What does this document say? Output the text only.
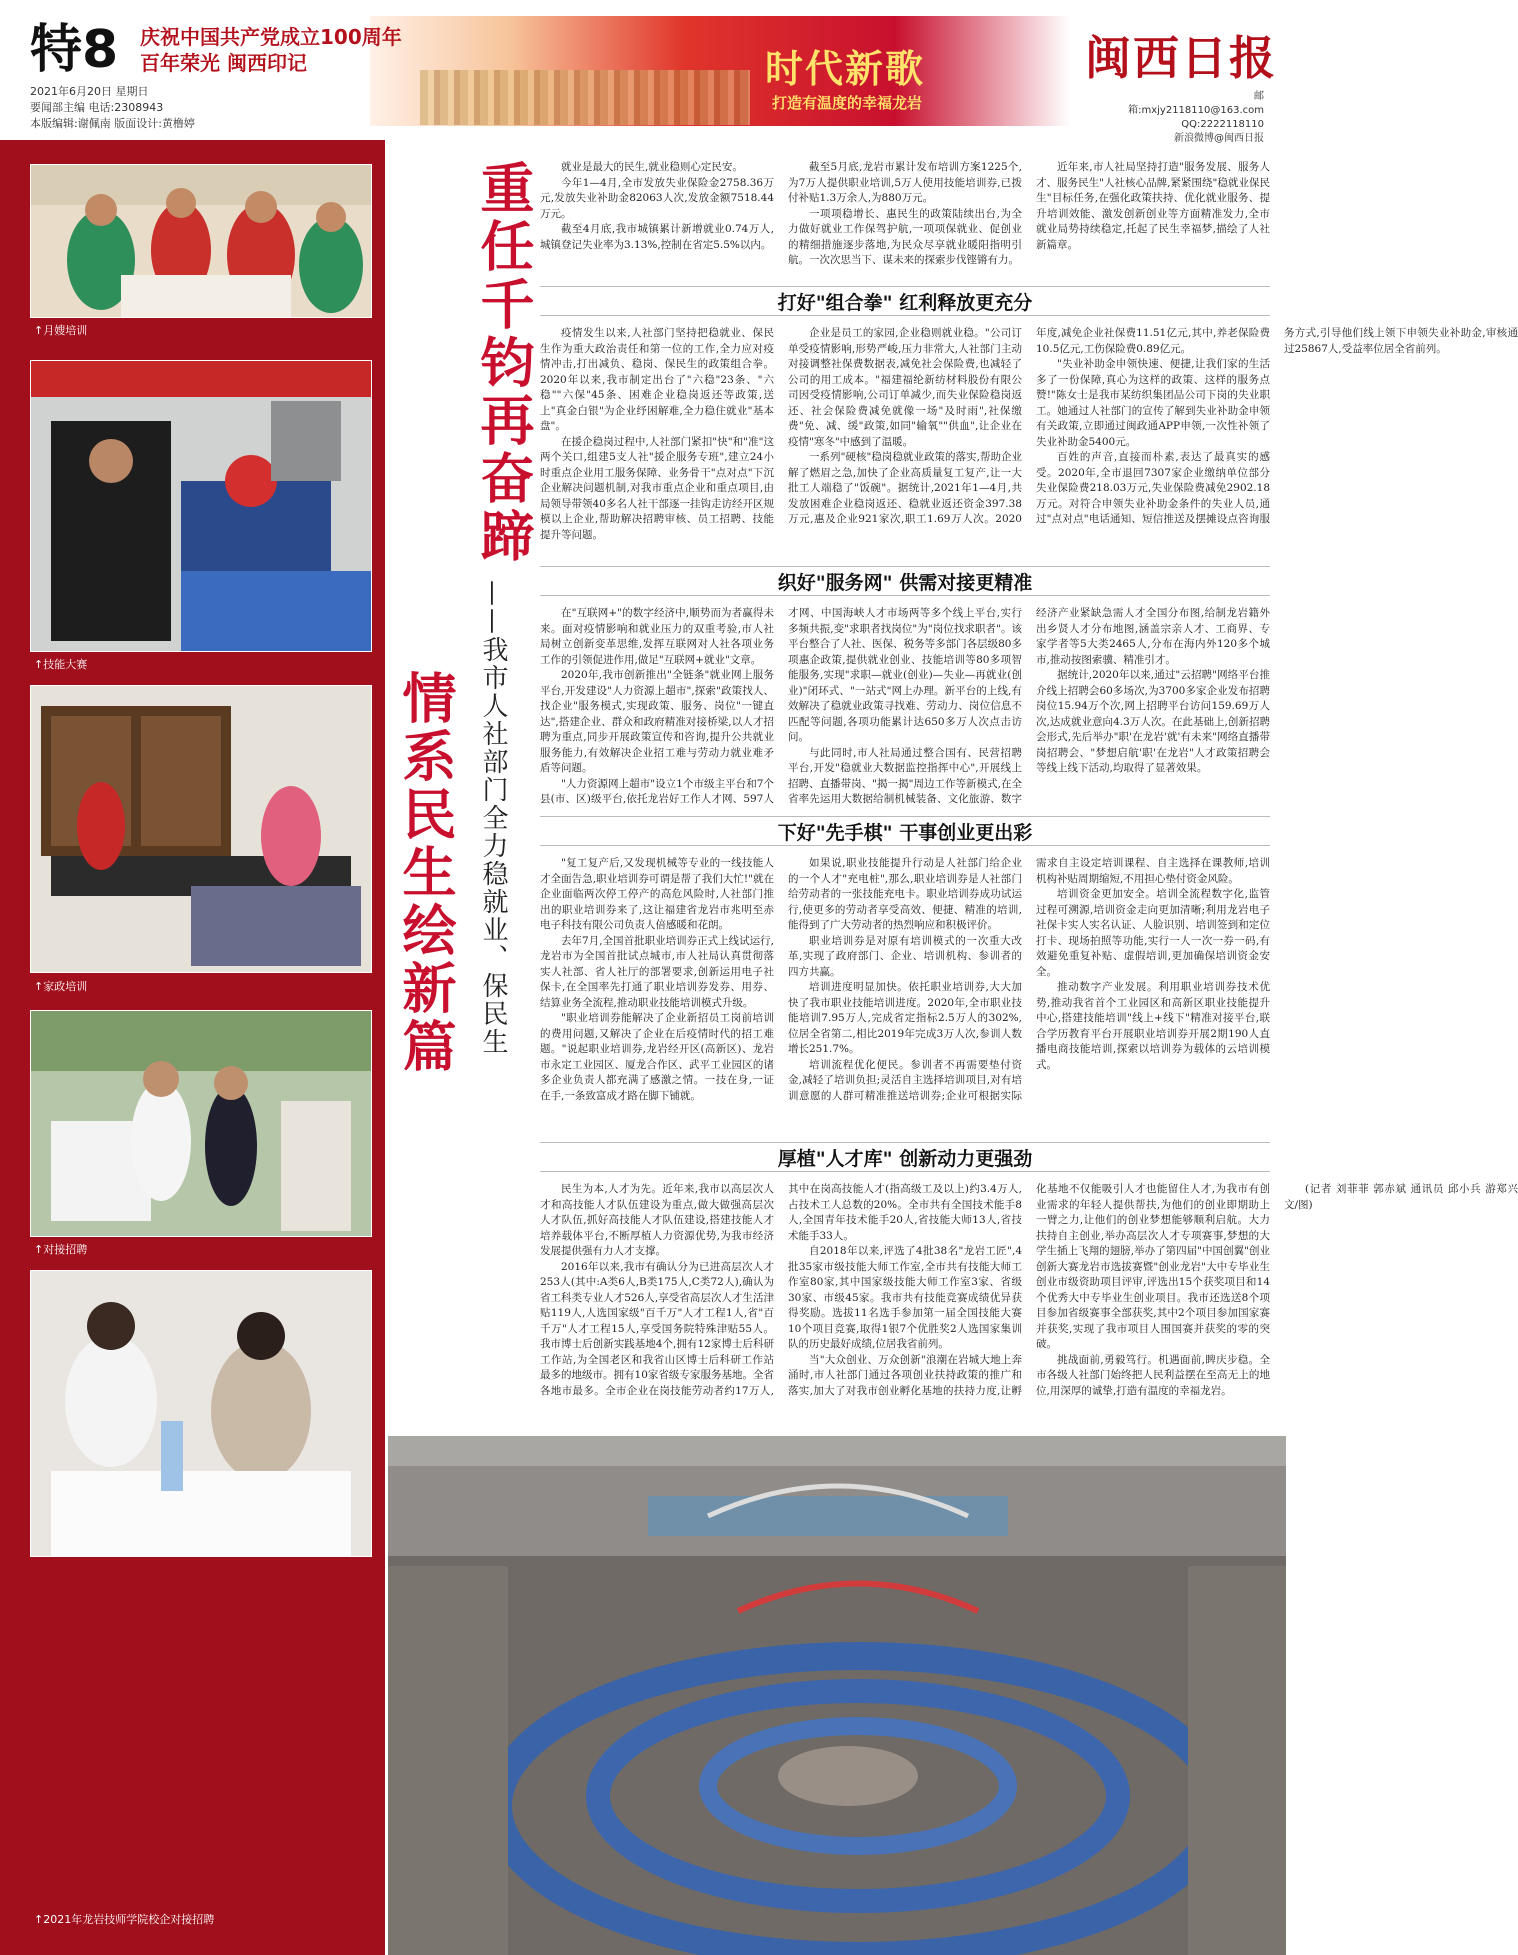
特8 庆祝中国共产党成立100周年
百年荣光 闽西印记
2021年6月20日 星期日
要闻部主编 电话:2308943
本版编辑:谢佩南 版面设计:黄橹婷
时代新歌
打造有温度的幸福龙岩
闽西日报
邮箱:mxjy2118110@163.com
QQ:2222118110
新浪微博@闽西日报
↑月嫂培训
↑技能大赛
↑家政培训
↑对接招聘
↑2021年龙岩技师学院校企对接招聘
重任千钧再奋蹄
情系民生绘新篇 ——我市人社部门全力稳就业、保民生

就业是最大的民生,就业稳则心定民安。

今年1—4月,全市发放失业保险金2758.36万元,发放失业补助金82063人次,发放金额7518.44万元。

截至4月底,我市城镇累计新增就业0.74万人,城镇登记失业率为3.13%,控制在省定5.5%以内。

截至5月底,龙岩市累计发布培训方案1225个,为7万人提供职业培训,5万人使用技能培训券,已拨付补贴1.3万余人,为880万元。

一项项稳增长、惠民生的政策陆续出台,为全力做好就业工作保驾护航,一项项保就业、促创业的精细措施逐步落地,为民众尽享就业暖阳指明引航。一次次思当下、谋未来的探索步伐铿锵有力。

近年来,市人社局坚持打造"服务发展、服务人才、服务民生"人社核心品牌,紧紧围绕"稳就业保民生"目标任务,在强化政策扶持、优化就业服务、提升培训效能、激发创新创业等方面精准发力,全市就业局势持续稳定,托起了民生幸福梦,描绘了人社新篇章。

打好"组合拳" 红利释放更充分

疫情发生以来,人社部门坚持把稳就业、保民生作为重大政治责任和第一位的工作,全力应对疫情冲击,打出减负、稳岗、保民生的政策组合拳。2020年以来,我市制定出台了"六稳"23条、"六稳""六保"45条、困难企业稳岗返还等政策,送上"真金白银"为企业纾困解难,全力稳住就业"基本盘"。

在援企稳岗过程中,人社部门紧扣"快"和"准"这两个关口,组建5支人社"援企服务专班",建立24小时重点企业用工服务保障、业务骨干"点对点"下沉企业解决问题机制,对我市重点企业和重点项目,由局领导带领40多名人社干部逐一挂钩走访经开区规模以上企业,帮助解决招聘审核、员工招聘、技能提升等问题。

企业是员工的家园,企业稳则就业稳。"公司订单受疫情影响,形势严峻,压力非常大,人社部门主动对接调整社保费数据表,减免社会保险费,也减轻了公司的用工成本。"福建福纶新纺材料股份有限公司因受疫情影响,公司订单减少,而失业保险稳岗返还、社会保险费减免就像一场"及时雨",社保缴费"免、减、缓"政策,如同"输氧""供血",让企业在疫情"寒冬"中感到了温暖。

一系列"硬核"稳岗稳就业政策的落实,帮助企业解了燃眉之急,加快了企业高质量复工复产,让一大批工人端稳了"饭碗"。据统计,2021年1—4月,共发放困难企业稳岗返还、稳就业返还资金397.38万元,惠及企业921家次,职工1.69万人次。2020年度,减免企业社保费11.51亿元,其中,养老保险费10.5亿元,工伤保险费0.89亿元。

"失业补助金申领快速、便捷,让我们家的生活多了一份保障,真心为这样的政策、这样的服务点赞!"陈女士是我市某纺织集团品公司下岗的失业职工。她通过人社部门的宣传了解到失业补助金申领有关政策,立即通过闽政通APP申领,一次性补领了失业补助金5400元。

百姓的声音,直接而朴素,表达了最真实的感受。2020年,全市退回7307家企业缴纳单位部分失业保险费218.03万元,失业保险费减免2902.18万元。对符合申领失业补助金条件的失业人员,通过"点对点"电话通知、短信推送及摆摊设点咨询服务方式,引导他们线上领下申领失业补助金,审核通过25867人,受益率位居全省前列。

织好"服务网" 供需对接更精准

在"互联网+"的数字经济中,顺势而为者赢得未来。面对疫情影响和就业压力的双重考验,市人社局树立创新变革思维,发挥互联网对人社各项业务工作的引领促进作用,做足"互联网+就业"文章。

2020年,我市创新推出"全链条"就业网上服务平台,开发建设"人力资源上超市",探索"政策找人、找企业"服务模式,实现政策、服务、岗位"一键直达",搭建企业、群众和政府精准对接桥梁,以人才招聘为重点,同步开展政策宣传和咨询,提升公共就业服务能力,有效解决企业招工难与劳动力就业难矛盾等问题。

"人力资源网上超市"设立1个市级主平台和7个县(市、区)级平台,依托龙岩好工作人才网、597人才网、中国海峡人才市场两等多个线上平台,实行多频共振,变"求职者找岗位"为"岗位找求职者"。该平台整合了人社、医保、税务等多部门各层级80多项惠企政策,提供就业创业、技能培训等80多项智能服务,实现"求职—就业(创业)—失业—再就业(创业)"闭环式、"一站式"网上办理。新平台的上线,有效解决了稳就业政策寻找难、劳动力、岗位信息不匹配等问题,各项功能累计达650多万人次点击访问。

与此同时,市人社局通过整合国有、民营招聘平台,开发"稳就业大数据监控指挥中心",开展线上招聘、直播带岗、"揭一揭"周边工作等新模式,在全省率先运用大数据给制机械装备、文化旅游、数字经济产业紧缺急需人才全国分布图,给制龙岩籍外出乡贤人才分布地图,涵盖宗亲人才、工商界、专家学者等5大类2465人,分布在海内外120多个城市,推动按图索骥、精准引才。

据统计,2020年以来,通过"云招聘"网络平台推介线上招聘会60多场次,为3700多家企业发布招聘岗位15.94万个次,网上招聘平台访问159.69万人次,达成就业意向4.3万人次。在此基础上,创新招聘会形式,先后举办"职'在龙岩'就'有未来"网络直播带岗招聘会、"梦想启航'职'在龙岩"人才政策招聘会等线上线下活动,均取得了显著效果。

下好"先手棋" 干事创业更出彩

"复工复产后,又发现机械等专业的一线技能人才全面告急,职业培训券可谓是帮了我们大忙!"就在企业面临两次停工停产的高危风险时,人社部门推出的职业培训券来了,这让福建省龙岩市兆明至赤电子科技有限公司负责人倍感暖和花朗。

去年7月,全国首批职业培训券正式上线试运行,龙岩市为全国首批试点城市,市人社局认真贯彻落实人社部、省人社厅的部署要求,创新运用电子社保卡,在全国率先打通了职业培训券发券、用券、结算业务全流程,推动职业技能培训模式升级。

"职业培训券能解决了企业新招员工岗前培训的费用问题,又解决了企业在后疫情时代的招工难题。"说起职业培训券,龙岩经开区(高新区)、龙岩市永定工业园区、厦龙合作区、武平工业园区的诸多企业负责人都充满了感激之情。一技在身,一证在手,一条致富成才路在脚下铺就。

如果说,职业技能提升行动是人社部门给企业的一个人才"充电桩",那么,职业培训券是人社部门给劳动者的一张技能充电卡。职业培训券成功试运行,使更多的劳动者享受高效、便捷、精准的培训,能得到了广大劳动者的热烈响应和积极评价。

职业培训券是对原有培训模式的一次重大改革,实现了政府部门、企业、培训机构、参训者的四方共赢。

培训进度明显加快。依托职业培训券,大大加快了我市职业技能培训进度。2020年,全市职业技能培训7.95万人,完成省定指标2.5万人的302%,位居全省第二,相比2019年完成3万人次,参训人数增长251.7%。

培训流程优化便民。参训者不再需要垫付资金,减轻了培训负担;灵活自主选择培训项目,对有培训意愿的人群可精准推送培训券;企业可根据实际需求自主设定培训课程、自主选择在课教师,培训机构补贴周期缩短,不用担心垫付资金风险。

培训资金更加安全。培训全流程数字化,监管过程可溯源,培训资金走向更加清晰;利用龙岩电子社保卡实人实名认证、人脸识别、培训签到和定位打卡、现场拍照等功能,实行一人一次一券一码,有效避免重复补贴、虚假培训,更加确保培训资金安全。

推动数字产业发展。利用职业培训券技术优势,推动我省首个工业园区和高新区职业技能提升中心,搭建技能培训"线上+线下"精准对接平台,联合学历教育平台开展职业培训券开展2期190人直播电商技能培训,探索以培训券为载体的云培训模式。

厚植"人才库" 创新动力更强劲

民生为本,人才为先。近年来,我市以高层次人才和高技能人才队伍建设为重点,做大做强高层次人才队伍,抓好高技能人才队伍建设,搭建技能人才培养载体平台,不断厚植人力资源优势,为我市经济发展提供强有力人才支撑。

2016年以来,我市有确认分为已进高层次人才253人(其中:A类6人,B类175人,C类72人),确认为省工科类专业人才526人,享受省高层次人才生活津贴119人,人选国家级"百千万"人才工程1人,省"百千万"人才工程15人,享受国务院特殊津贴55人。我市博士后创新实践基地4个,拥有12家博士后科研工作站,为全国老区和我省山区博士后科研工作站最多的地级市。拥有10家省级专家服务基地。全省各地市最多。全市企业在岗技能劳动者约17万人,其中在岗高技能人才(指高级工及以上)约3.4万人,占技术工人总数的20%。全市共有全国技术能手8人,全国青年技术能手20人,省技能大师13人,省技术能手33人。

自2018年以来,评选了4批38名"龙岩工匠",4批35家市级技能大师工作室,全市共有技能大师工作室80家,其中国家级技能大师工作室3家、省级30家、市级45家。我市共有技能竞赛成绩优异获得奖励。选拔11名选手参加第一届全国技能大赛10个项目竞赛,取得1银7个优胜奖2人选国家集训队的历史最好成绩,位居我省前列。

当"大众创业、万众创新"浪潮在岩城大地上奔涌时,市人社部门通过各项创业扶持政策的推广和落实,加大了对我市创业孵化基地的扶持力度,让孵化基地不仅能吸引人才也能留住人才,为我市有创业需求的年轻人提供帮扶,为他们的创业即期助上一臂之力,让他们的创业梦想能够顺利启航。大力扶持自主创业,举办高层次人才专项赛事,梦想的大学生插上飞翔的翅膀,举办了第四届"中国创翼"创业创新大赛龙岩市选拔赛暨"创业龙岩"大中专毕业生创业市级资助项目评审,评选出15个获奖项目和14个优秀大中专毕业生创业项目。我市还选送8个项目参加省级赛事全部获奖,其中2个项目参加国家赛并获奖,实现了我市项目人围国赛并获奖的零的突破。

挑战面前,勇毅笃行。机遇面前,睥庆步稳。全市各级人社部门始终把人民利益摆在至高无上的地位,用深厚的诚挚,打造有温度的幸福龙岩。

(记者 刘菲菲 郭赤斌 通讯员 邱小兵 游郑兴 文/图)
